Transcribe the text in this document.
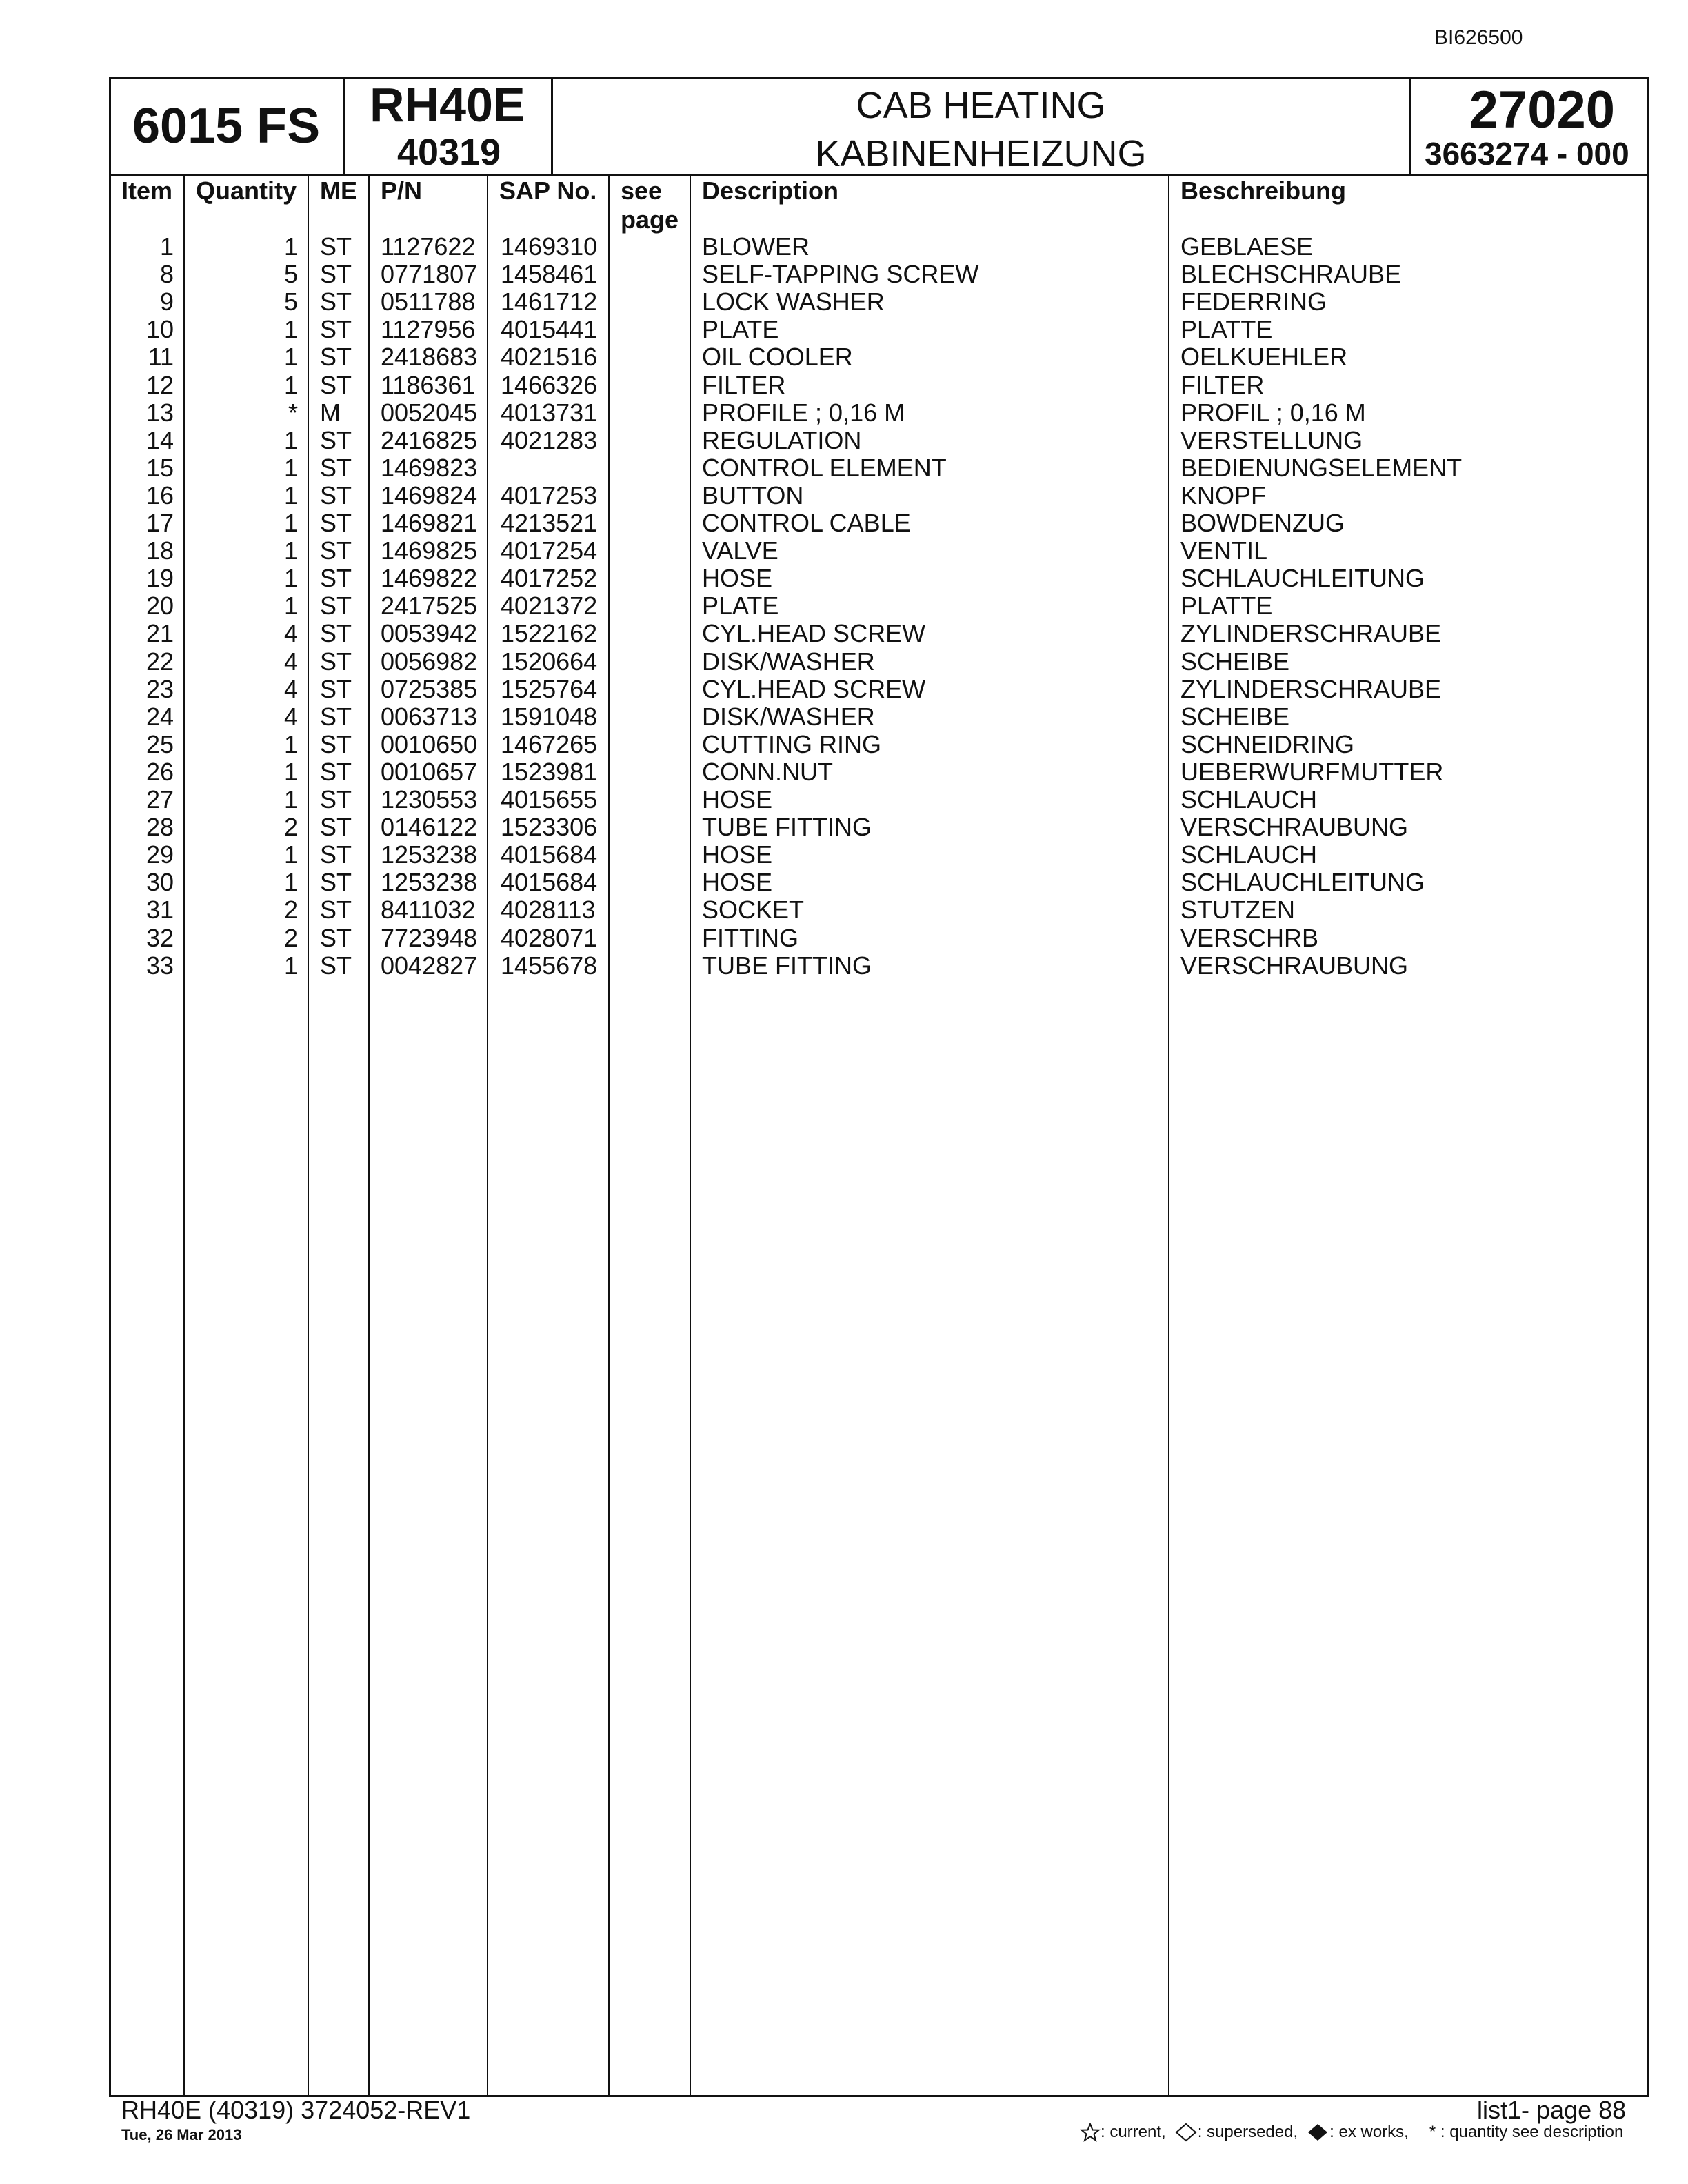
BI626500
6015 FS RH40E
40319
CAB HEATING
KABINENHEIZUNG
27020
3663274 - 000
Item Quantity ME P/N	SAP No. see
page
Description	Beschreibung
1	1 ST 1127622 1469310	BLOWER	GEBLAESE
8	5 ST 0771807 1458461	SELF-TAPPING SCREW	BLECHSCHRAUBE
9	5 ST 0511788 1461712	LOCK WASHER	FEDERRING
10	1 ST 1127956 4015441	PLATE	PLATTE
11	1 ST 2418683 4021516	OIL COOLER	OELKUEHLER
12	1 ST 1186361 1466326	FILTER	FILTER
13	* M 0052045 4013731	PROFILE ; 0,16 M	PROFIL ; 0,16 M
14	1 ST 2416825 4021283	REGULATION	VERSTELLUNG
15	1 ST 1469823	CONTROL ELEMENT	BEDIENUNGSELEMENT
16	1 ST 1469824 4017253	BUTTON	KNOPF
17	1 ST 1469821 4213521	CONTROL CABLE	BOWDENZUG
18	1 ST 1469825 4017254	VALVE	VENTIL
19	1 ST 1469822 4017252	HOSE	SCHLAUCHLEITUNG
20	1 ST 2417525 4021372	PLATE	PLATTE
21	4 ST 0053942 1522162	CYL.HEAD SCREW	ZYLINDERSCHRAUBE
22	4 ST 0056982 1520664	DISK/WASHER	SCHEIBE
23	4 ST 0725385 1525764	CYL.HEAD SCREW	ZYLINDERSCHRAUBE
24	4 ST 0063713 1591048	DISK/WASHER	SCHEIBE
25	1 ST 0010650 1467265	CUTTING RING	SCHNEIDRING
26	1 ST 0010657 1523981	CONN.NUT	UEBERWURFMUTTER
27	1 ST 1230553 4015655	HOSE	SCHLAUCH
28	2 ST 0146122 1523306	TUBE FITTING	VERSCHRAUBUNG
29	1 ST 1253238 4015684	HOSE	SCHLAUCH
30	1 ST 1253238 4015684	HOSE	SCHLAUCHLEITUNG
31	2 ST 8411032 4028113	SOCKET	STUTZEN
32	2 ST 7723948 4028071	FITTING	VERSCHRB
33	1 ST 0042827 1455678	TUBE FITTING	VERSCHRAUBUNG
RH40E (40319) 3724052-REV1
Tue, 26 Mar 2013
list1- page 88
: current, : superseded, : ex works, * : quantity see description
